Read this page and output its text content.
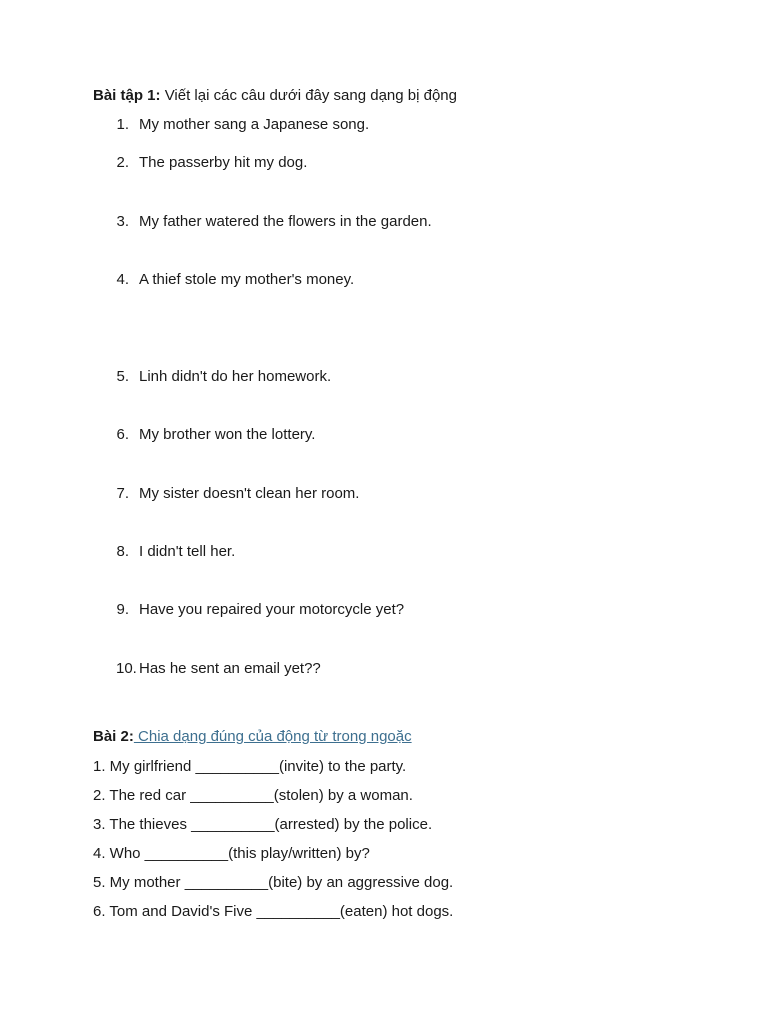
Bài tập 1: Viết lại các câu dưới đây sang dạng bị động
1. My mother sang a Japanese song.
2. The passerby hit my dog.
3. My father watered the flowers in the garden.
4. A thief stole my mother's money.
5. Linh didn't do her homework.
6. My brother won the lottery.
7. My sister doesn't clean her room.
8. I didn't tell her.
9. Have you repaired your motorcycle yet?
10. Has he sent an email yet??
Bài 2: Chia dạng đúng của động từ trong ngoặc
1. My girlfriend __________(invite) to the party.
2. The red car __________(stolen) by a woman.
3. The thieves __________(arrested) by the police.
4. Who __________(this play/written) by?
5. My mother __________(bite) by an aggressive dog.
6. Tom and David's Five __________(eaten) hot dogs.
